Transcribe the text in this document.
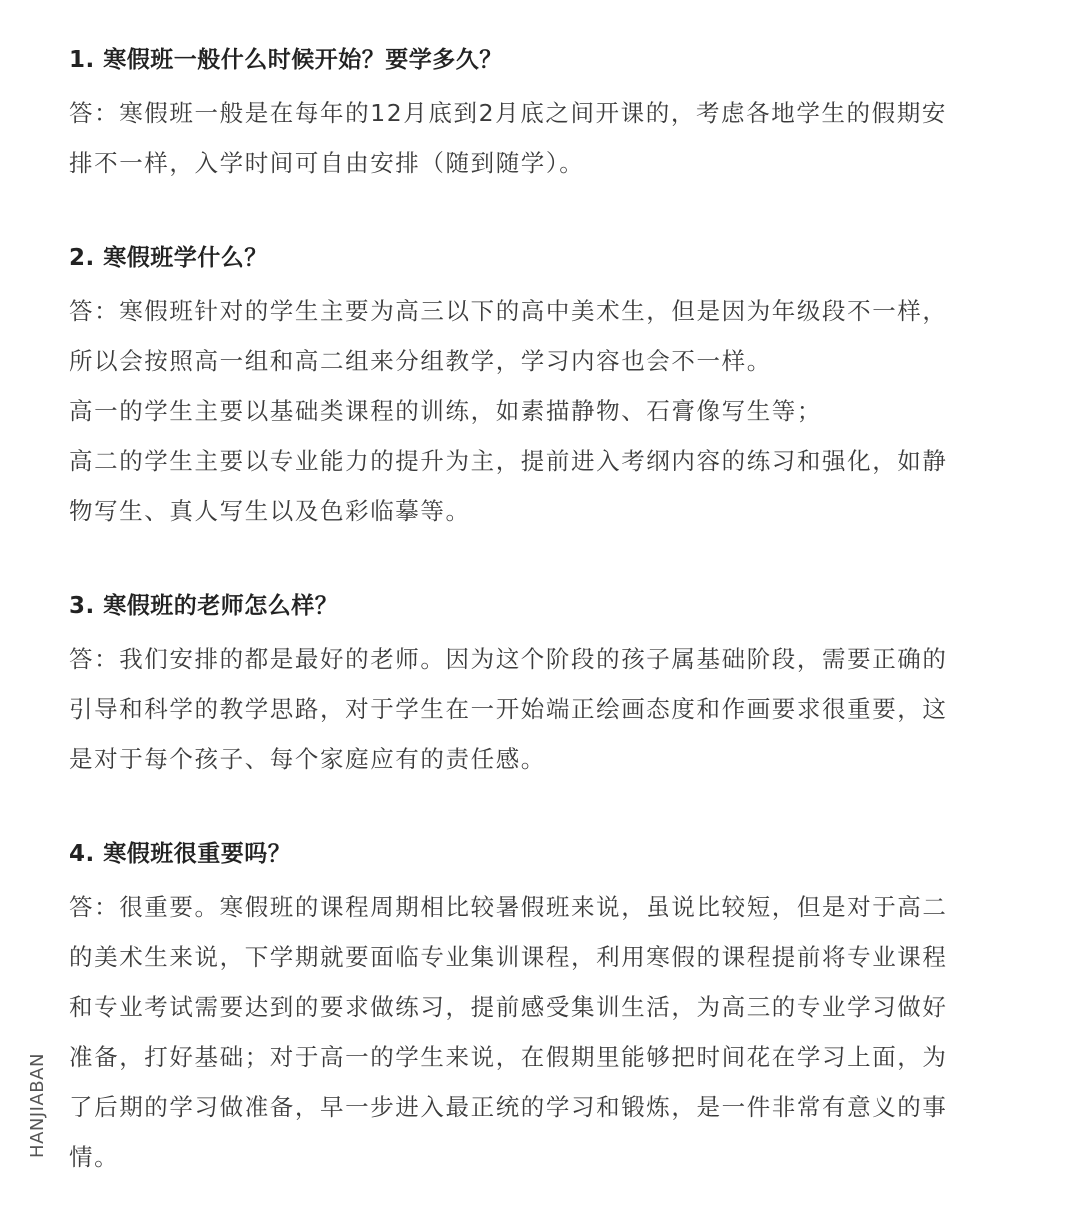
1. 寒假班一般什么时候开始？要学多久？
答：寒假班一般是在每年的12月底到2月底之间开课的，考虑各地学生的假期安
排不一样，入学时间可自由安排（随到随学）。
2. 寒假班学什么？
答：寒假班针对的学生主要为高三以下的高中美术生，但是因为年级段不一样，
所以会按照高一组和高二组来分组教学，学习内容也会不一样。
高一的学生主要以基础类课程的训练，如素描静物、石膏像写生等；
高二的学生主要以专业能力的提升为主，提前进入考纲内容的练习和强化，如静
物写生、真人写生以及色彩临摹等。
3. 寒假班的老师怎么样？
答：我们安排的都是最好的老师。因为这个阶段的孩子属基础阶段，需要正确的
引导和科学的教学思路，对于学生在一开始端正绘画态度和作画要求很重要，这
是对于每个孩子、每个家庭应有的责任感。
4. 寒假班很重要吗？
答：很重要。寒假班的课程周期相比较暑假班来说，虽说比较短，但是对于高二
的美术生来说，下学期就要面临专业集训课程，利用寒假的课程提前将专业课程
和专业考试需要达到的要求做练习，提前感受集训生活，为高三的专业学习做好
准备，打好基础；对于高一的学生来说，在假期里能够把时间花在学习上面，为
了后期的学习做准备，早一步进入最正统的学习和锻炼，是一件非常有意义的事
情。
HANJIABAN
